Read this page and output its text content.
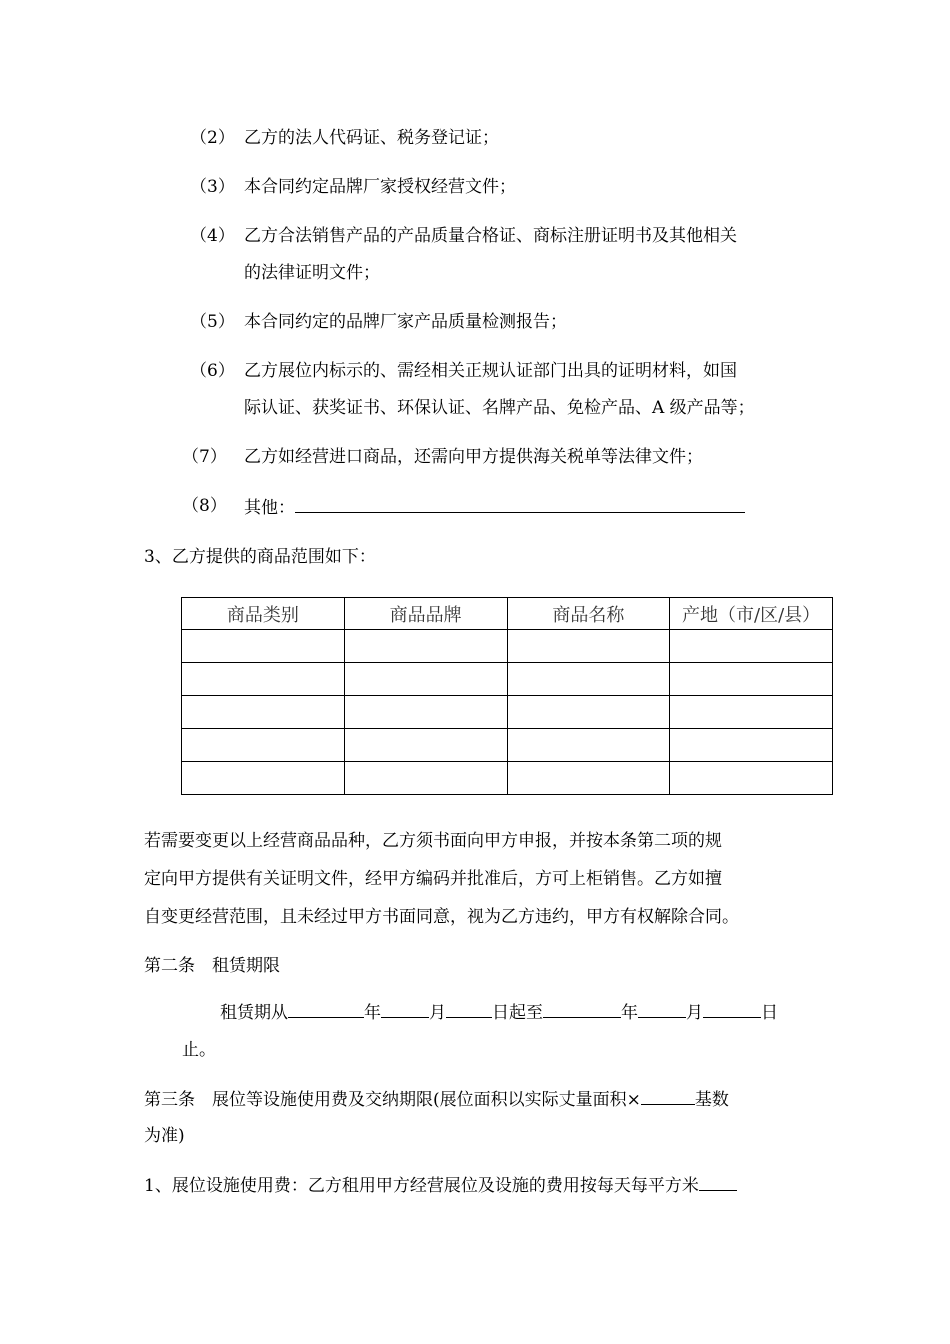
（2） 乙方的法人代码证、税务登记证；
（3） 本合同约定品牌厂家授权经营文件；
（4） 乙方合法销售产品的产品质量合格证、商标注册证明书及其他相关
的法律证明文件；
（5） 本合同约定的品牌厂家产品质量检测报告；
（6） 乙方展位内标示的、需经相关正规认证部门出具的证明材料，如国
际认证、获奖证书、环保认证、名牌产品、免检产品、A 级产品等；
（7） 乙方如经营进口商品，还需向甲方提供海关税单等法律文件；
（8） 其他：
3、乙方提供的商品范围如下：
商品类别	商品品牌	商品名称	产地（市/区/县）

若需要变更以上经营商品品种，乙方须书面向甲方申报，并按本条第二项的规
定向甲方提供有关证明文件，经甲方编码并批准后，方可上柜销售。乙方如擅
自变更经营范围，且未经过甲方书面同意，视为乙方违约，甲方有权解除合同。
第二条　租赁期限
租赁期从	年	月	日起至	年	月	日
止。
第三条　展位等设施使用费及交纳期限(展位面积以实际丈量面积×	基数
为准)
1、展位设施使用费：乙方租用甲方经营展位及设施的费用按每天每平方米
